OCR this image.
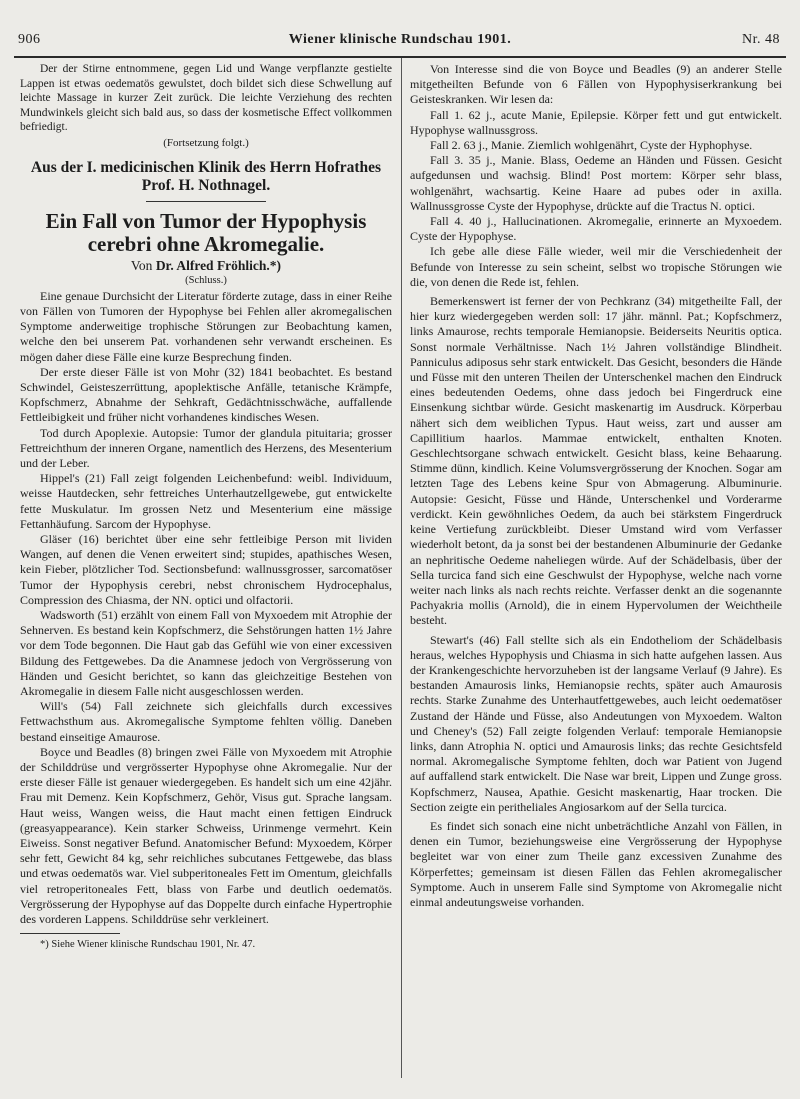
906	Wiener klinische Rundschau 1901.	Nr. 48

Der der Stirne entnommene, gegen Lid und Wange verpflanzte gestielte Lappen ist etwas oedematös gewulstet, doch bildet sich diese Schwellung auf leichte Massage in kurzer Zeit zurück. Die leichte Verziehung des rechten Mundwinkels gleicht sich bald aus, so dass der kosmetische Effect vollkommen befriedigt.

(Fortsetzung folgt.)
Aus der I. medicinischen Klinik des Herrn Hofrathes Prof. H. Nothnagel.
Ein Fall von Tumor der Hypophysis cerebri ohne Akromegalie.
Von Dr. Alfred Fröhlich.*)
(Schluss.)

Eine genaue Durchsicht der Literatur förderte zutage, dass in einer Reihe von Fällen von Tumoren der Hypophyse bei Fehlen aller akromegalischen Symptome anderweitige trophische Störungen zur Beobachtung kamen, welche den bei unserem Pat. vorhandenen sehr verwandt erscheinen. Es mögen daher diese Fälle eine kurze Besprechung finden.

Der erste dieser Fälle ist von Mohr (32) 1841 beobachtet. Es bestand Schwindel, Geisteszerrüttung, apoplektische Anfälle, tetanische Krämpfe, Kopfschmerz, Abnahme der Sehkraft, Gedächtnisschwäche, auffallende Fettleibigkeit und früher nicht vorhandenes kindisches Wesen.

Tod durch Apoplexie. Autopsie: Tumor der glandula pituitaria; grosser Fettreichthum der inneren Organe, namentlich des Herzens, des Mesenterium und der Leber.

Hippel's (21) Fall zeigt folgenden Leichenbefund: weibl. Individuum, weisse Hautdecken, sehr fettreiches Unterhautzellgewebe, gut entwickelte fette Muskulatur. Im grossen Netz und Mesenterium eine mässige Fettanhäufung. Sarcom der Hypophyse.

Gläser (16) berichtet über eine sehr fettleibige Person mit lividen Wangen, auf denen die Venen erweitert sind; stupides, apathisches Wesen, kein Fieber, plötzlicher Tod. Sectionsbefund: wallnussgrosser, sarcomatöser Tumor der Hypophysis cerebri, nebst chronischem Hydrocephalus, Compression des Chiasma, der NN. optici und olfactorii.

Wadsworth (51) erzählt von einem Fall von Myxoedem mit Atrophie der Sehnerven. Es bestand kein Kopfschmerz, die Sehstörungen hatten 1½ Jahre vor dem Tode begonnen. Die Haut gab das Gefühl wie von einer excessiven Bildung des Fettgewebes. Da die Anamnese jedoch von Vergrösserung von Händen und Gesicht berichtet, so kann das gleichzeitige Bestehen von Akromegalie in diesem Falle nicht ausgeschlossen werden.

Will's (54) Fall zeichnete sich gleichfalls durch excessives Fettwachsthum aus. Akromegalische Symptome fehlten völlig. Daneben bestand einseitige Amaurose.

Boyce und Beadles (8) bringen zwei Fälle von Myxoedem mit Atrophie der Schilddrüse und vergrösserter Hypophyse ohne Akromegalie. Nur der erste dieser Fälle ist genauer wiedergegeben. Es handelt sich um eine 42jähr. Frau mit Demenz. Kein Kopfschmerz, Gehör, Visus gut. Sprache langsam. Haut weiss, Wangen weiss, die Haut macht einen fettigen Eindruck (greasyappearance). Kein starker Schweiss, Urinmenge vermehrt. Kein Eiweiss. Sonst negativer Befund. Anatomischer Befund: Myxoedem, Körper sehr fett, Gewicht 84 kg, sehr reichliches subcutanes Fettgewebe, das blass und etwas oedematös war. Viel subperitoneales Fett im Omentum, gleichfalls viel retroperitoneales Fett, blass von Farbe und deutlich oedematös. Vergrösserung der Hypophyse auf das Doppelte durch einfache Hypertrophie des vorderen Lappens. Schilddrüse sehr verkleinert.

*) Siehe Wiener klinische Rundschau 1901, Nr. 47.

Von Interesse sind die von Boyce und Beadles (9) an anderer Stelle mitgetheilten Befunde von 6 Fällen von Hypophysiserkrankung bei Geisteskranken. Wir lesen da:

Fall 1. 62 j., acute Manie, Epilepsie. Körper fett und gut entwickelt. Hypophyse wallnussgross.

Fall 2. 63 j., Manie. Ziemlich wohlgenährt, Cyste der Hyphophyse.

Fall 3. 35 j., Manie. Blass, Oedeme an Händen und Füssen. Gesicht aufgedunsen und wachsig. Blind! Post mortem: Körper sehr blass, wohlgenährt, wachsartig. Keine Haare ad pubes oder in axilla. Wallnussgrosse Cyste der Hypophyse, drückte auf die Tractus N. optici.

Fall 4. 40 j., Hallucinationen. Akromegalie, erinnerte an Myxoedem. Cyste der Hypophyse.

Ich gebe alle diese Fälle wieder, weil mir die Verschiedenheit der Befunde von Interesse zu sein scheint, selbst wo tropische Störungen wie die, von denen die Rede ist, fehlen.

Bemerkenswert ist ferner der von Pechkranz (34) mitgetheilte Fall, der hier kurz wiedergegeben werden soll: 17 jähr. männl. Pat.; Kopfschmerz, links Amaurose, rechts temporale Hemianopsie. Beiderseits Neuritis optica. Sonst normale Verhältnisse. Nach 1½ Jahren vollständige Blindheit. Panniculus adiposus sehr stark entwickelt. Das Gesicht, besonders die Hände und Füsse mit den unteren Theilen der Unterschenkel machen den Eindruck eines bedeutenden Oedems, ohne dass jedoch bei Fingerdruck eine Einsenkung sichtbar würde. Gesicht maskenartig im Ausdruck. Körperbau nähert sich dem weiblichen Typus. Haut weiss, zart und ausser am Capillitium haarlos. Mammae entwickelt, enthalten Knoten. Geschlechtsorgane schwach entwickelt. Gesicht blass, keine Behaarung. Stimme dünn, kindlich. Keine Volumsvergrösserung der Knochen. Sogar am letzten Tage des Lebens keine Spur von Abmagerung. Albuminurie. Autopsie: Gesicht, Füsse und Hände, Unterschenkel und Vorderarme verdickt. Kein gewöhnliches Oedem, da auch bei stärkstem Fingerdruck keine Vertiefung zurückbleibt. Dieser Umstand wird vom Verfasser wiederholt betont, da ja sonst bei der bestandenen Albuminurie der Gedanke an nephritische Oedeme naheliegen würde. Auf der Schädelbasis, über der Sella turcica fand sich eine Geschwulst der Hypophyse, welche nach vorne weiter nach links als nach rechts reichte. Verfasser denkt an die sogenannte Pachyakria mollis (Arnold), die in einem Hypervolumen der Weichtheile besteht.

Stewart's (46) Fall stellte sich als ein Endotheliom der Schädelbasis heraus, welches Hypophysis und Chiasma in sich hatte aufgehen lassen. Aus der Krankengeschichte hervorzuheben ist der langsame Verlauf (9 Jahre). Es bestanden Amaurosis links, Hemianopsie rechts, später auch Amaurosis rechts. Starke Zunahme des Unterhautfettgewebes, auch leicht oedematöser Zustand der Hände und Füsse, also Andeutungen von Myxoedem. Walton und Cheney's (52) Fall zeigte folgenden Verlauf: temporale Hemianopsie links, dann Atrophia N. optici und Amaurosis links; das rechte Gesichtsfeld normal. Akromegalische Symptome fehlten, doch war Patient von Jugend auf auffallend stark entwickelt. Die Nase war breit, Lippen und Zunge gross. Kopfschmerz, Nausea, Apathie. Gesicht maskenartig, Haar trocken. Die Section zeigte ein peritheliales Angiosarkom auf der Sella turcica.

Es findet sich sonach eine nicht unbeträchtliche Anzahl von Fällen, in denen ein Tumor, beziehungsweise eine Vergrösserung der Hypophyse begleitet war von einer zum Theile ganz excessiven Zunahme des Körperfettes; gemeinsam ist diesen Fällen das Fehlen akromegalischer Symptome. Auch in unserem Falle sind Symptome von Akromegalie nicht einmal andeutungsweise vorhanden.
